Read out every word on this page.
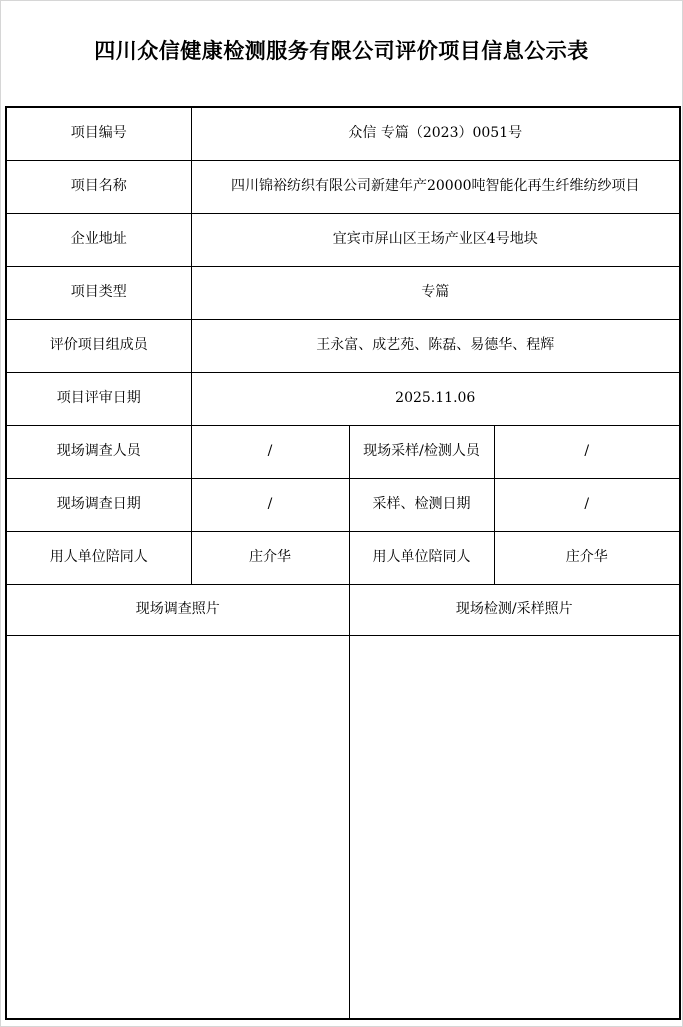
四川众信健康检测服务有限公司评价项目信息公示表
项目编号	众信 专篇（2023）0051号		
项目名称	四川锦裕纺织有限公司新建年产20000吨智能化再生纤维纺纱项目		
企业地址	宜宾市屏山区王场产业区4号地块		
项目类型	专篇		
评价项目组成员	王永富、成艺苑、陈磊、易德华、程辉		
项目评审日期	2025.11.06		
现场调查人员	/	现场采样/检测人员	/
现场调查日期	/	采样、检测日期	/
用人单位陪同人	庄介华	用人单位陪同人	庄介华
现场调查照片		现场检测/采样照片	
